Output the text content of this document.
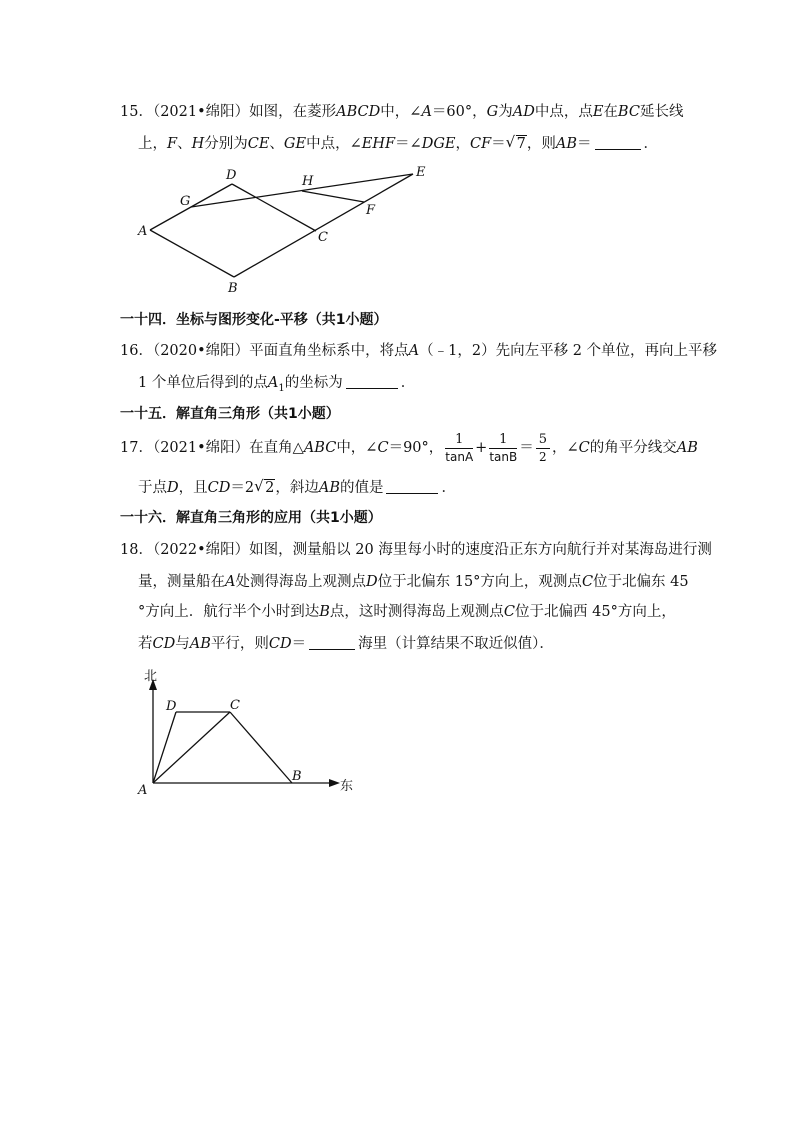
15．（2021•绵阳）如图，在菱形ABCD中，∠A＝60°，G为AD中点，点E在BC延长线
上，F、H分别为CE、GE中点，∠EHF＝∠DGE，CF＝ √ 7，则AB＝	．
D	H
E
G
F
A	C
B
一十四．坐标与图形变化-平移（共1小题）
16．（2020•绵阳）平面直角坐标系中，将点A（﹣1，2）先向左平移 2 个单位，再向上平移
1 个单位后得到的点$A_1$的坐标为	．
一十五．解直角三角形（共1小题）
17．（2021•绵阳）在直角△ABC中，∠C＝90°， $\frac{1}{\tan A} + \frac{1}{\tan B} = \frac{5}{2}$ ，∠C的角平分线交AB
于点D，且CD＝2 √ 2，斜边AB的值是	．
一十六．解直角三角形的应用（共1小题）
18．（2022•绵阳）如图，测量船以 20 海里每小时的速度沿正东方向航行并对某海岛进行测
量，测量船在A处测得海岛上观测点D位于北偏东 15°方向上，观测点C位于北偏东 45
°方向上．航行半个小时到达B点，这时测得海岛上观测点C位于北偏西 45°方向上，
若CD与AB平行，则CD＝	海里（计算结果不取近似值）．
北
东
D	C
A
B
